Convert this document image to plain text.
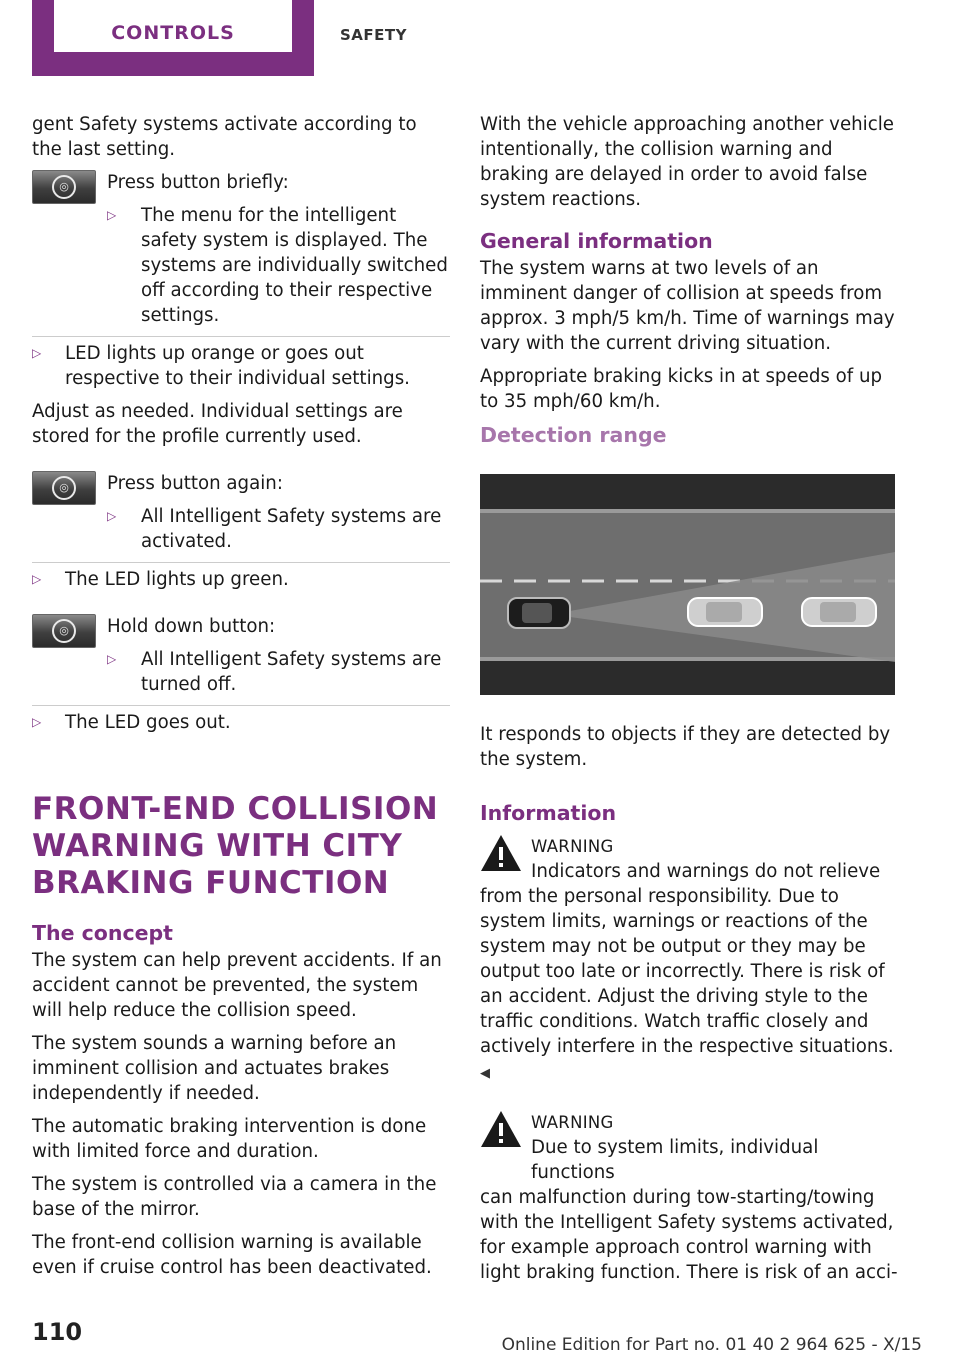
CONTROLS	SAFETY

gent Safety systems activate according to the last setting.

◎	Press button briefly:

▷ The menu for the intelligent safety system is displayed. The systems are individually switched off according to their respective settings.
▷ LED lights up orange or goes out respective to their individual settings.

Adjust as needed. Individual settings are stored for the profile currently used.

◎	Press button again:

▷ All Intelligent Safety systems are activated.
▷ The LED lights up green.
◎	Hold down button:

▷ All Intelligent Safety systems are turned off.
▷ The LED goes out.
FRONT-END COLLISION WARNING WITH CITY BRAKING FUNCTION
The concept

The system can help prevent accidents. If an accident cannot be prevented, the system will help reduce the collision speed.

The system sounds a warning before an imminent collision and actuates brakes independently if needed.

The automatic braking intervention is done with limited force and duration.

The system is controlled via a camera in the base of the mirror.

The front-end collision warning is available even if cruise control has been deactivated.

With the vehicle approaching another vehicle intentionally, the collision warning and braking are delayed in order to avoid false system reactions.

General information

The system warns at two levels of an imminent danger of collision at speeds from approx. 3 mph/5 km/h. Time of warnings may vary with the current driving situation.

Appropriate braking kicks in at speeds of up to 35 mph/60 km/h.

Detection range

It responds to objects if they are detected by the system.

Information
WARNING
Indicators and warnings do not relieve
from the personal responsibility. Due to system limits, warnings or reactions of the system may not be output or they may be output too late or incorrectly. There is risk of an accident. Adjust the driving style to the traffic conditions. Watch traffic closely and actively interfere in the respective situations. ◀
WARNING
Due to system limits, individual functions
can malfunction during tow-starting/towing with the Intelligent Safety systems activated, for example approach control warning with light braking function. There is risk of an acci-
110	Online Edition for Part no. 01 40 2 964 625 - X/15
